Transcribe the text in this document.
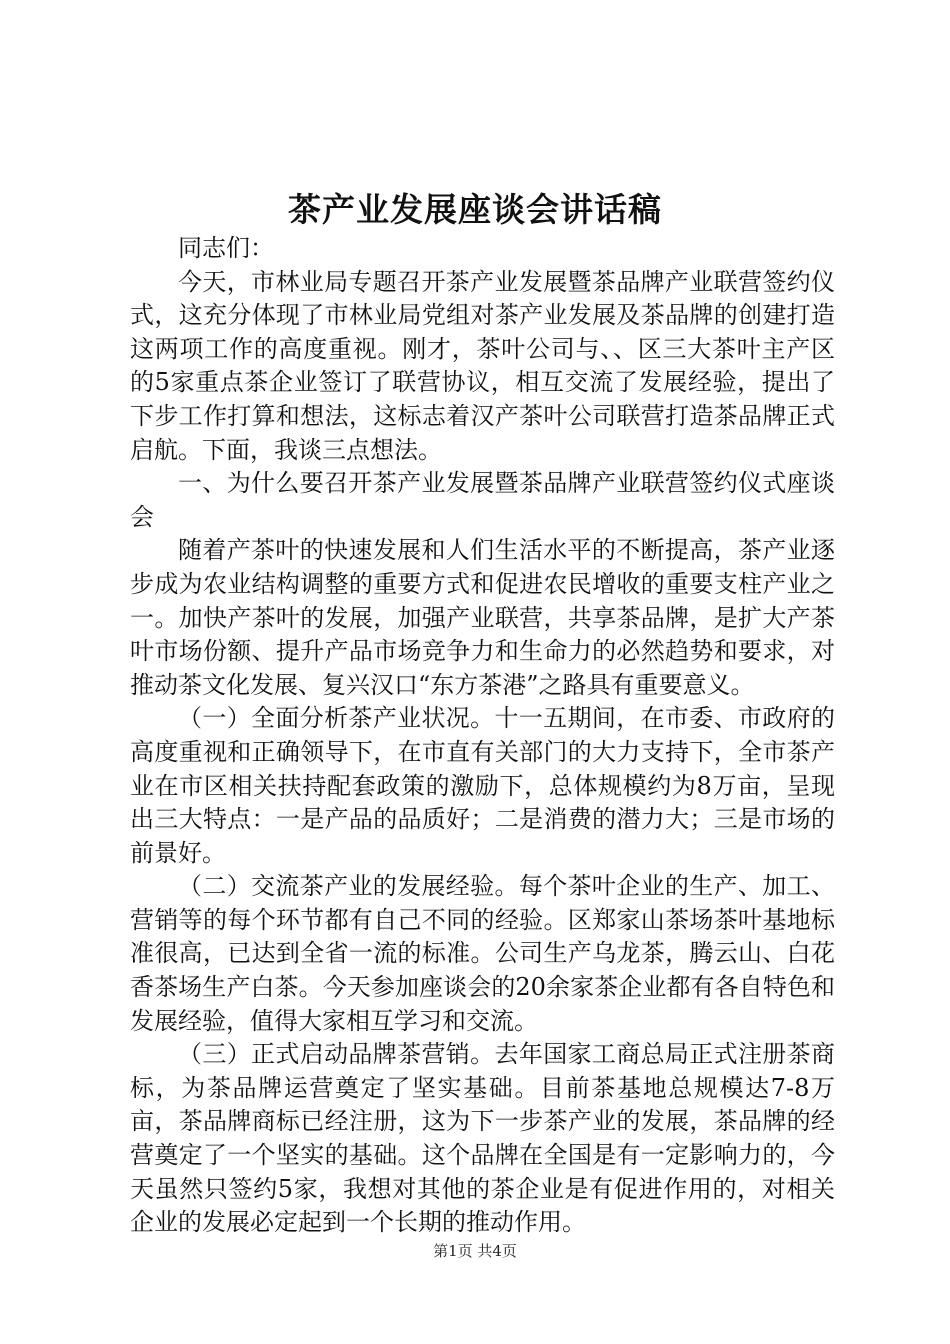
茶产业发展座谈会讲话稿

同志们：

今天，市林业局专题召开茶产业发展暨茶品牌产业联营签约仪式，这充分体现了市林业局党组对茶产业发展及茶品牌的创建打造这两项工作的高度重视。刚才，茶叶公司与、、区三大茶叶主产区的5家重点茶企业签订了联营协议，相互交流了发展经验，提出了下步工作打算和想法，这标志着汉产茶叶公司联营打造茶品牌正式启航。下面，我谈三点想法。

一、为什么要召开茶产业发展暨茶品牌产业联营签约仪式座谈会

随着产茶叶的快速发展和人们生活水平的不断提高，茶产业逐步成为农业结构调整的重要方式和促进农民增收的重要支柱产业之一。加快产茶叶的发展，加强产业联营，共享茶品牌，是扩大产茶叶市场份额、提升产品市场竞争力和生命力的必然趋势和要求，对推动茶文化发展、复兴汉口“东方茶港”之路具有重要意义。

（一）全面分析茶产业状况。十一五期间，在市委、市政府的高度重视和正确领导下，在市直有关部门的大力支持下，全市茶产业在市区相关扶持配套政策的激励下，总体规模约为8万亩，呈现出三大特点：一是产品的品质好；二是消费的潜力大；三是市场的前景好。

（二）交流茶产业的发展经验。每个茶叶企业的生产、加工、营销等的每个环节都有自己不同的经验。区郑家山茶场茶叶基地标准很高，已达到全省一流的标准。公司生产乌龙茶，腾云山、白花香茶场生产白茶。今天参加座谈会的20余家茶企业都有各自特色和发展经验，值得大家相互学习和交流。

（三）正式启动品牌茶营销。去年国家工商总局正式注册茶商标，为茶品牌运营奠定了坚实基础。目前茶基地总规模达7-8万亩，茶品牌商标已经注册，这为下一步茶产业的发展，茶品牌的经营奠定了一个坚实的基础。这个品牌在全国是有一定影响力的，今天虽然只签约5家，我想对其他的茶企业是有促进作用的，对相关企业的发展必定起到一个长期的推动作用。

第1页 共4页
